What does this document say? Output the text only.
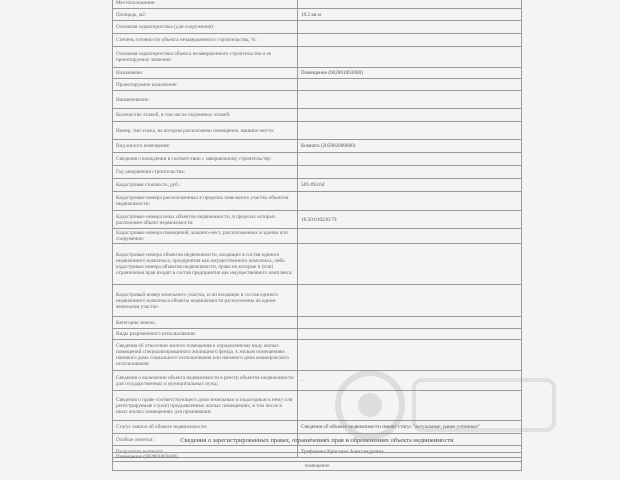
Местоположение:	
Площадь, м2:	19.2 кв.м
Основная характеристика (для сооружения):	
Степень готовности объекта незавершенного строительства, %:	
Основная характеристика объекта незавершенного строительства и ее проектируемое значение:	
Назначение:	Помещение (002001003000)
Проектируемое назначение:	
Наименование:	
Количество этажей, в том числе подземных этажей:	
Номер, тип этажа, на котором расположено помещение, машино-место:	
Вид жилого помещения:	Комната (205002000000)
Сведения о вхождении в соответствии с завершенному строительству:	
Год завершения строительства:	
Кадастровая стоимость, руб.:	569 493.64
Кадастровые номера расположенных в пределах земельного участка объектов недвижимости:	
Кадастровые номера иных объектов недвижимости, в пределах которых расположен объект недвижимости:	16:50:010230:79
Кадастровые номера помещений, машино-мест, расположенных в здании или сооружении:	
Кадастровые номера объектов недвижимости, входящих в состав единого недвижимого комплекса, предприятия как имущественного комплекса, либо кадастровые номера объектов недвижимости, права на которые и (или) ограничения прав входят в состав предприятия как имущественного комплекса:	
Кадастровый номер земельного участка, если входящие в состав единого недвижимого комплекса объекты недвижимости расположены на одном земельном участке:	
Категория земель:	
Виды разрешенного использования:	
Сведения об отнесении жилого помещения к определенному виду жилых помещений специализированного жилищного фонда, к жилым помещениям наемного дома социального использования или наемного дома коммерческого использования:	
Сведения о включении объекта недвижимости в реестр объектов недвижимости для государственных и муниципальных нужд:	-
Сведения о праве соответствующего дома земельным и подъездным к нему или регистрируемые о (или) предъявленных жилых помещениях, в том числе в иных жилых помещениях для проживания:	
Статус записи об объекте недвижимости:	Сведения об объекте недвижимости имеют статус "актуальные, ранее учтенные"
Особые отметки:	
Получатель выписки:	Трофимова Кристина Александровна
Сведения о зарегистрированных правах, ограничениях прав и обременениях объекта недвижимости
Помещение (002001003000)
помещение
